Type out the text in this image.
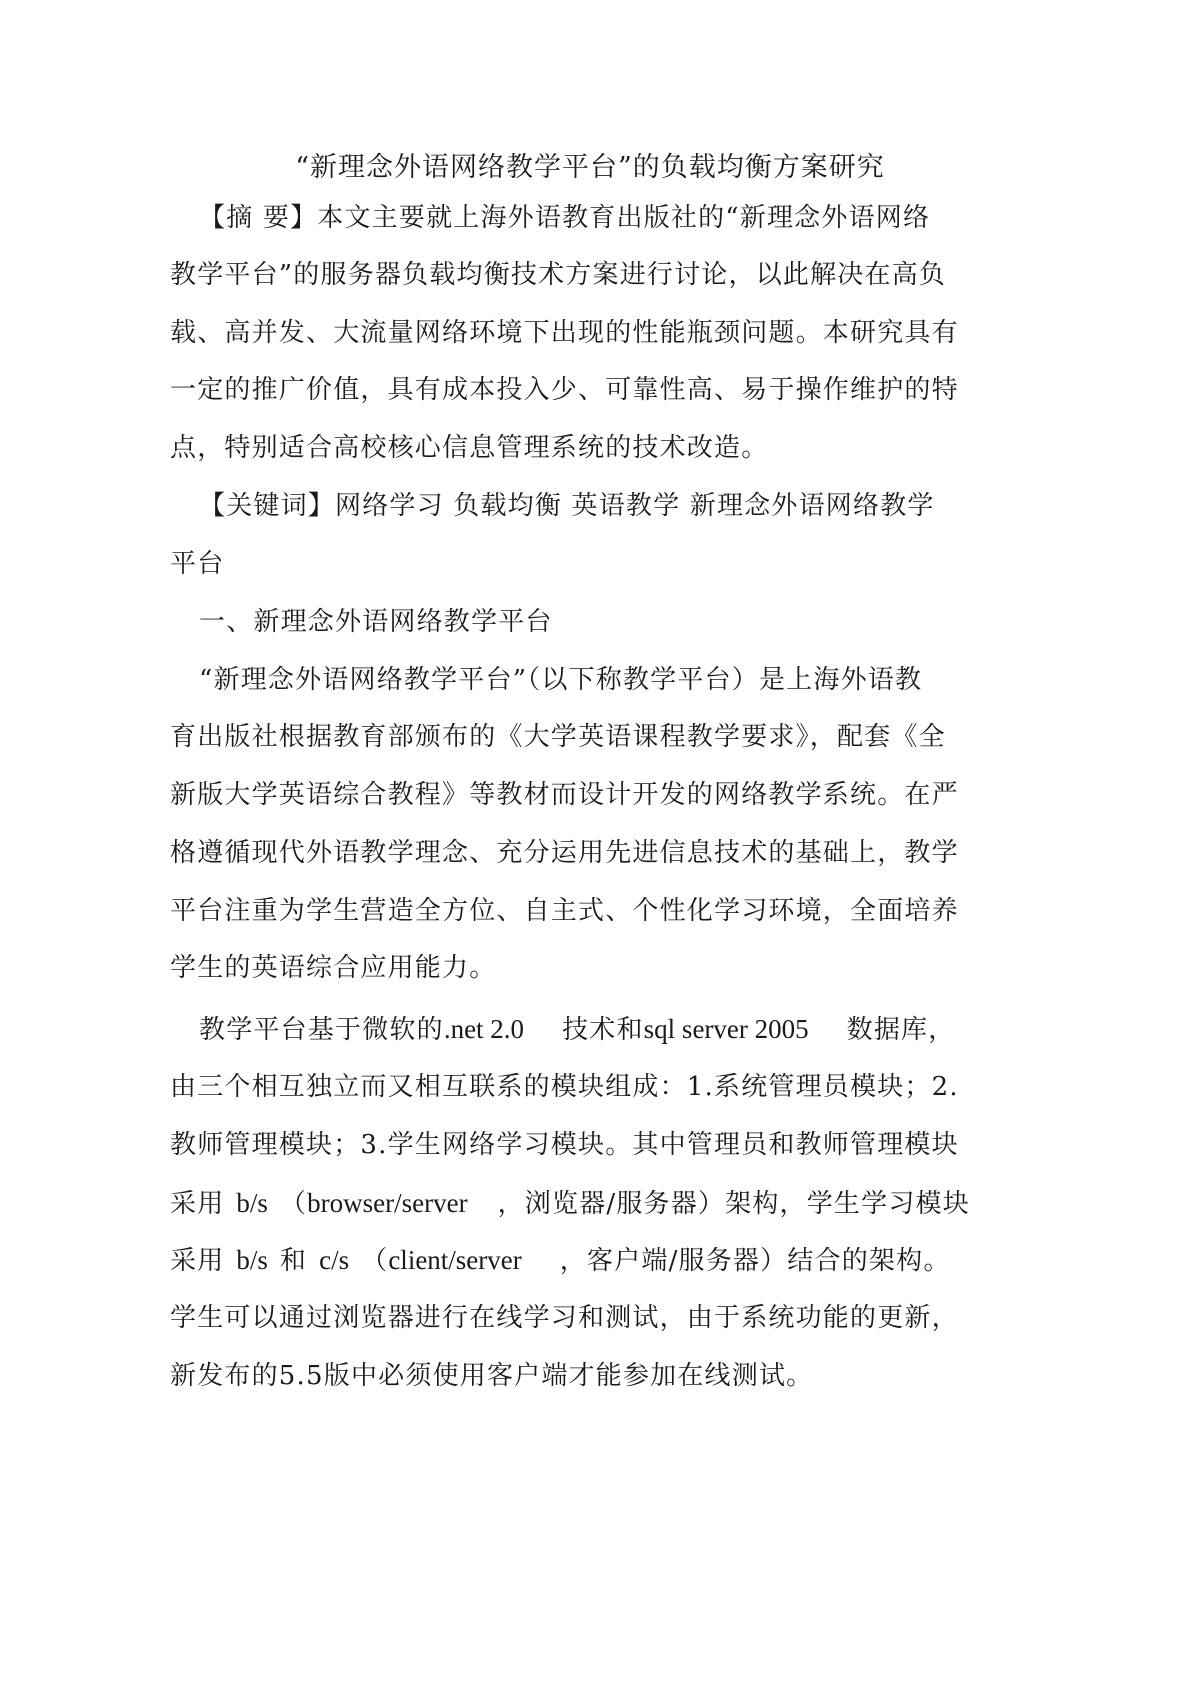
“新理念外语网络教学平台”的负载均衡方案研究
【摘 要】本文主要就上海外语教育出版社的“新理念外语网络
教学平台”的服务器负载均衡技术方案进行讨论，以此解决在高负
载、高并发、大流量网络环境下出现的性能瓶颈问题。本研究具有
一定的推广价值，具有成本投入少、可靠性高、易于操作维护的特
点，特别适合高校核心信息管理系统的技术改造。
【关键词】网络学习 负载均衡 英语教学 新理念外语网络教学
平台
一、新理念外语网络教学平台
“新理念外语网络教学平台”（以下称教学平台）是上海外语教
育出版社根据教育部颁布的《大学英语课程教学要求》，配套《全
新版大学英语综合教程》等教材而设计开发的网络教学系统。在严
格遵循现代外语教学理念、充分运用先进信息技术的基础上，教学
平台注重为学生营造全方位、自主式、个性化学习环境，全面培养
学生的英语综合应用能力。
教学平台基于微软的.net 2.0 技术和sql server 2005 数据库，
由三个相互独立而又相互联系的模块组成：1.系统管理员模块；2.
教师管理模块；3.学生网络学习模块。其中管理员和教师管理模块
采用 b/s （browser/server ，浏览器/服务器）架构，学生学习模块
采用 b/s 和 c/s （client/server ，客户端/服务器）结合的架构。
学生可以通过浏览器进行在线学习和测试，由于系统功能的更新，
新发布的5.5版中必须使用客户端才能参加在线测试。
